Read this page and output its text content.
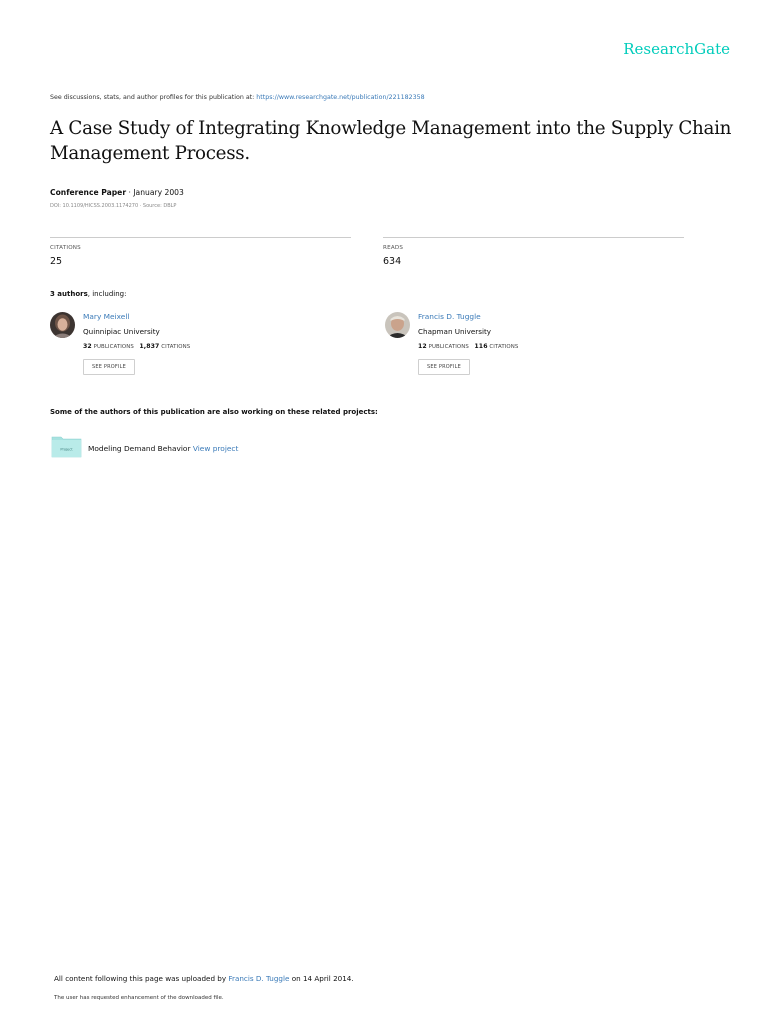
ResearchGate
See discussions, stats, and author profiles for this publication at: https://www.researchgate.net/publication/221182358
A Case Study of Integrating Knowledge Management into the Supply Chain Management Process.
Conference Paper · January 2003
DOI: 10.1109/HICSS.2003.1174270 · Source: DBLP
CITATIONS
25
READS
634
3 authors, including:
Mary Meixell
Quinnipiac University
32 PUBLICATIONS 1,837 CITATIONS
SEE PROFILE
Francis D. Tuggle
Chapman University
12 PUBLICATIONS 116 CITATIONS
SEE PROFILE
Some of the authors of this publication are also working on these related projects:
Project Modeling Demand Behavior View project
All content following this page was uploaded by Francis D. Tuggle on 14 April 2014.
The user has requested enhancement of the downloaded file.
